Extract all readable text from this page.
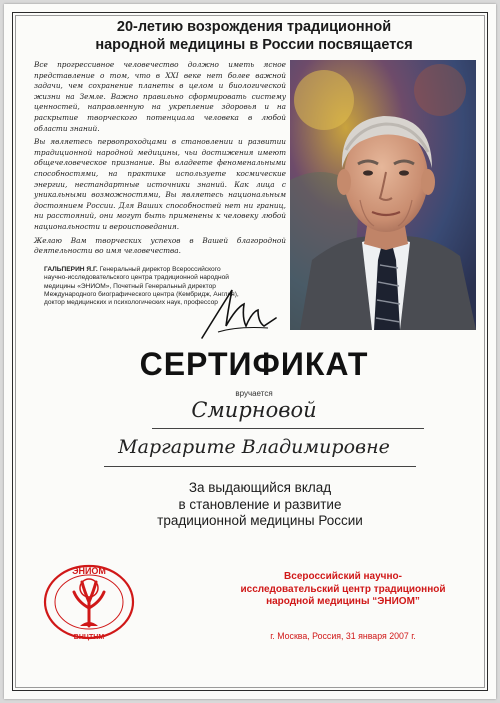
20-летию возрождения традиционной
народной медицины в России посвящается

Все прогрессивное человечество должно иметь ясное представление о том, что в XXI веке нет более важной задачи, чем сохранение планеты в целом и биологической жизни на Земле. Важно правильно сформировать систему ценностей, направленную на укрепление здоровья и на раскрытие творческого потенциала человека в любой области знаний.

Вы являетесь первопроходцами в становлении и развитии традиционной народной медицины, чьи достижения имеют общечеловеческое признание. Вы владеете феноменальными способностями, на практике используете космические энергии, нестандартные источники знаний. Как лица с уникальными возможностями, Вы являетесь национальным достоянием России. Для Ваших способностей нет ни границ, ни расстояний, они могут быть применены к человеку любой национальности и вероисповедания.

Желаю Вам творческих успехов в Вашей благородной деятельности во имя человечества.

ГАЛЬПЕРИН Я.Г. Генеральный директор Всероссийского научно-исследовательского центра традиционной народной медицины «ЭНИОМ», Почетный Генеральный директор Международного биографического центра (Кембридж, Англия), доктор медицинских и психологических наук, профессор
СЕРТИФИКАТ
вручается
Смирновой
Маргарите Владимировне
За выдающийся вклад
в становление и развитие
традиционной медицины России
ЭНИОМ
ВНЦТНМ
Всероссийский научно-
исследовательский центр традиционной
народной медицины “ЭНИОМ”
г. Москва, Россия, 31 января 2007 г.
